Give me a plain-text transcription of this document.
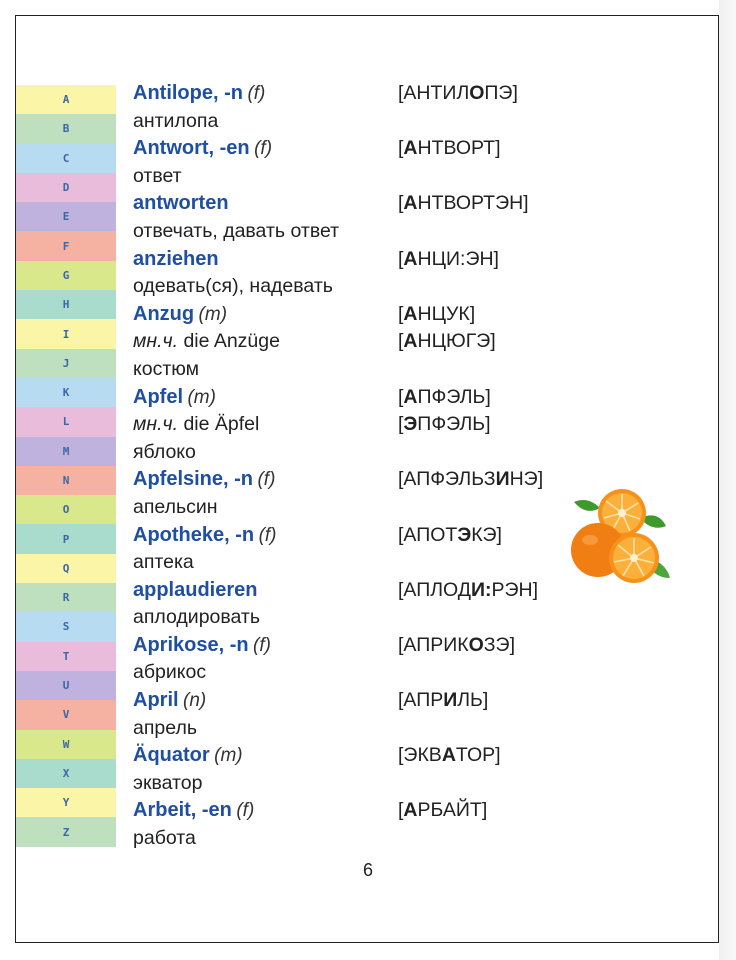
A
B
C
D
E
F
G
H
I
J
K
L
M
N
O
P
Q
R
S
T
U
V
W
X
Y
Z
Antilope, -n (f)	[АНТИЛОПЭ]
антилопа
Antwort, -en (f)	[АНТВОРТ]
ответ
antworten	[АНТВОРТЭН]
отвечать, давать ответ
anziehen	[АНЦИ:ЭН]
одевать(ся), надевать
Anzug (m)	[АНЦУК]
мн.ч. die Anzüge	[АНЦЮГЭ]
костюм
Apfel (m)	[АПФЭЛЬ]
мн.ч. die Äpfel	[ЭПФЭЛЬ]
яблоко
Apfelsine, -n (f)	[АПФЭЛЬЗИНЭ]
апельсин
Apotheke, -n (f)	[АПОТЭКЭ]
аптека
applaudieren	[АПЛОДИ:РЭН]
аплодировать
Aprikose, -n (f)	[АПРИКОЗЭ]
абрикос
April (n)	[АПРИЛЬ]
апрель
Äquator (m)	[ЭКВАТОР]
экватор
Arbeit, -en (f)	[АРБАЙТ]
работа
6
